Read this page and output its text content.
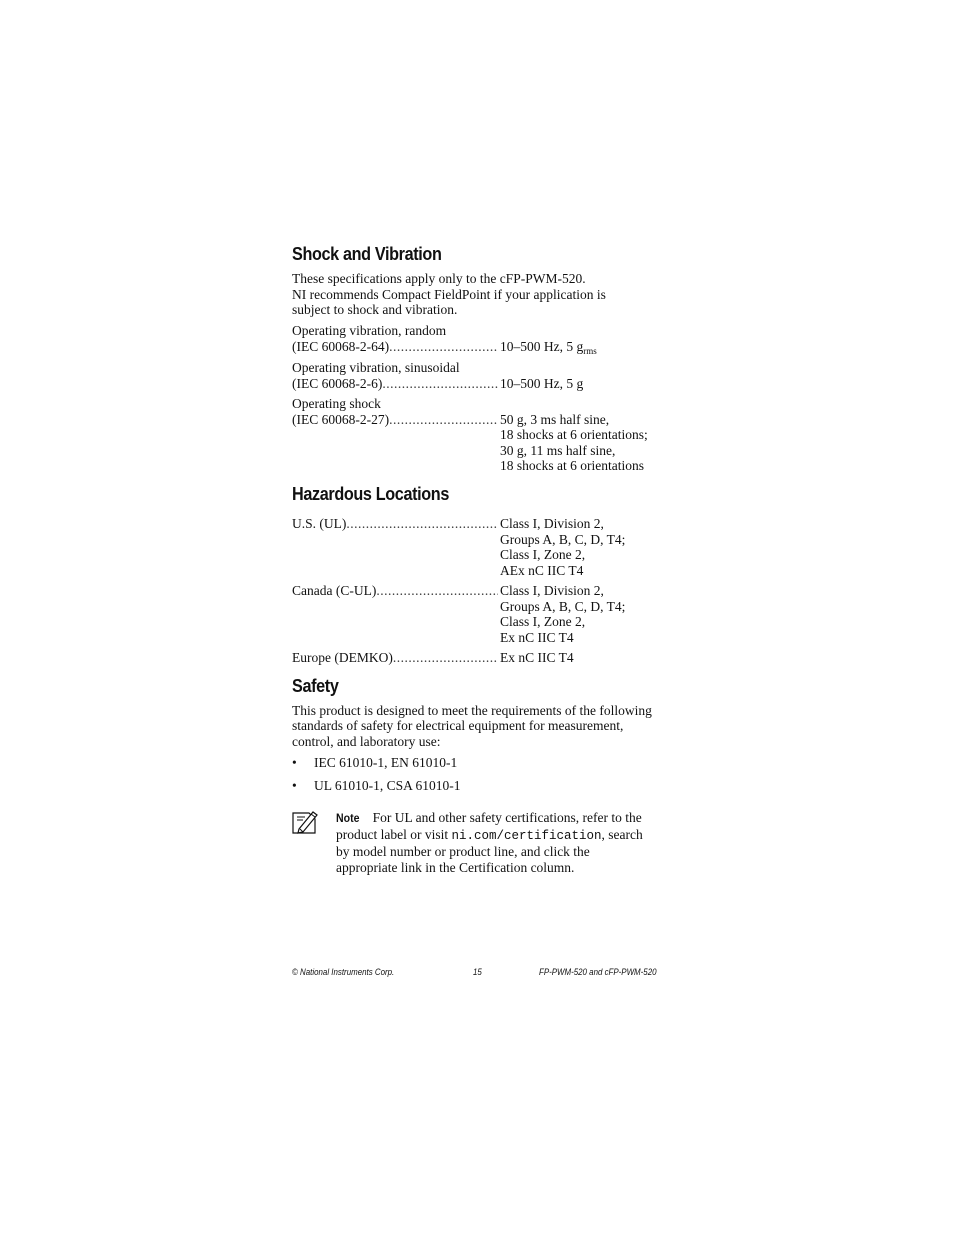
Shock and Vibration

These specifications apply only to the cFP-PWM-520.

NI recommends Compact FieldPoint if your application is

subject to shock and vibration.

Operating vibration, random
(IEC 60068-2-64) .....	10–500 Hz, 5 $g_{rms}$
Operating vibration, sinusoidal
(IEC 60068-2-6) .....	10–500 Hz, 5 g
Operating shock
(IEC 60068-2-27) .....	50 g, 3 ms half sine,
18 shocks at 6 orientations;
30 g, 11 ms half sine,
18 shocks at 6 orientations
Hazardous Locations
U.S. (UL) .....	Class I, Division 2,
Groups A, B, C, D, T4;
Class I, Zone 2,
AEx nC IIC T4
Canada (C-UL) .....	Class I, Division 2,
Groups A, B, C, D, T4;
Class I, Zone 2,
Ex nC IIC T4
Europe (DEMKO) .....	Ex nC IIC T4
Safety

This product is designed to meet the requirements of the following

standards of safety for electrical equipment for measurement,

control, and laboratory use:

• IEC 61010-1, EN 61010-1
• UL 61010-1, CSA 61010-1
Note For UL and other safety certifications, refer to the
product label or visit ni.com/certification, search
by model number or product line, and click the
appropriate link in the Certification column.
© National Instruments Corp.	15	FP-PWM-520 and cFP-PWM-520
